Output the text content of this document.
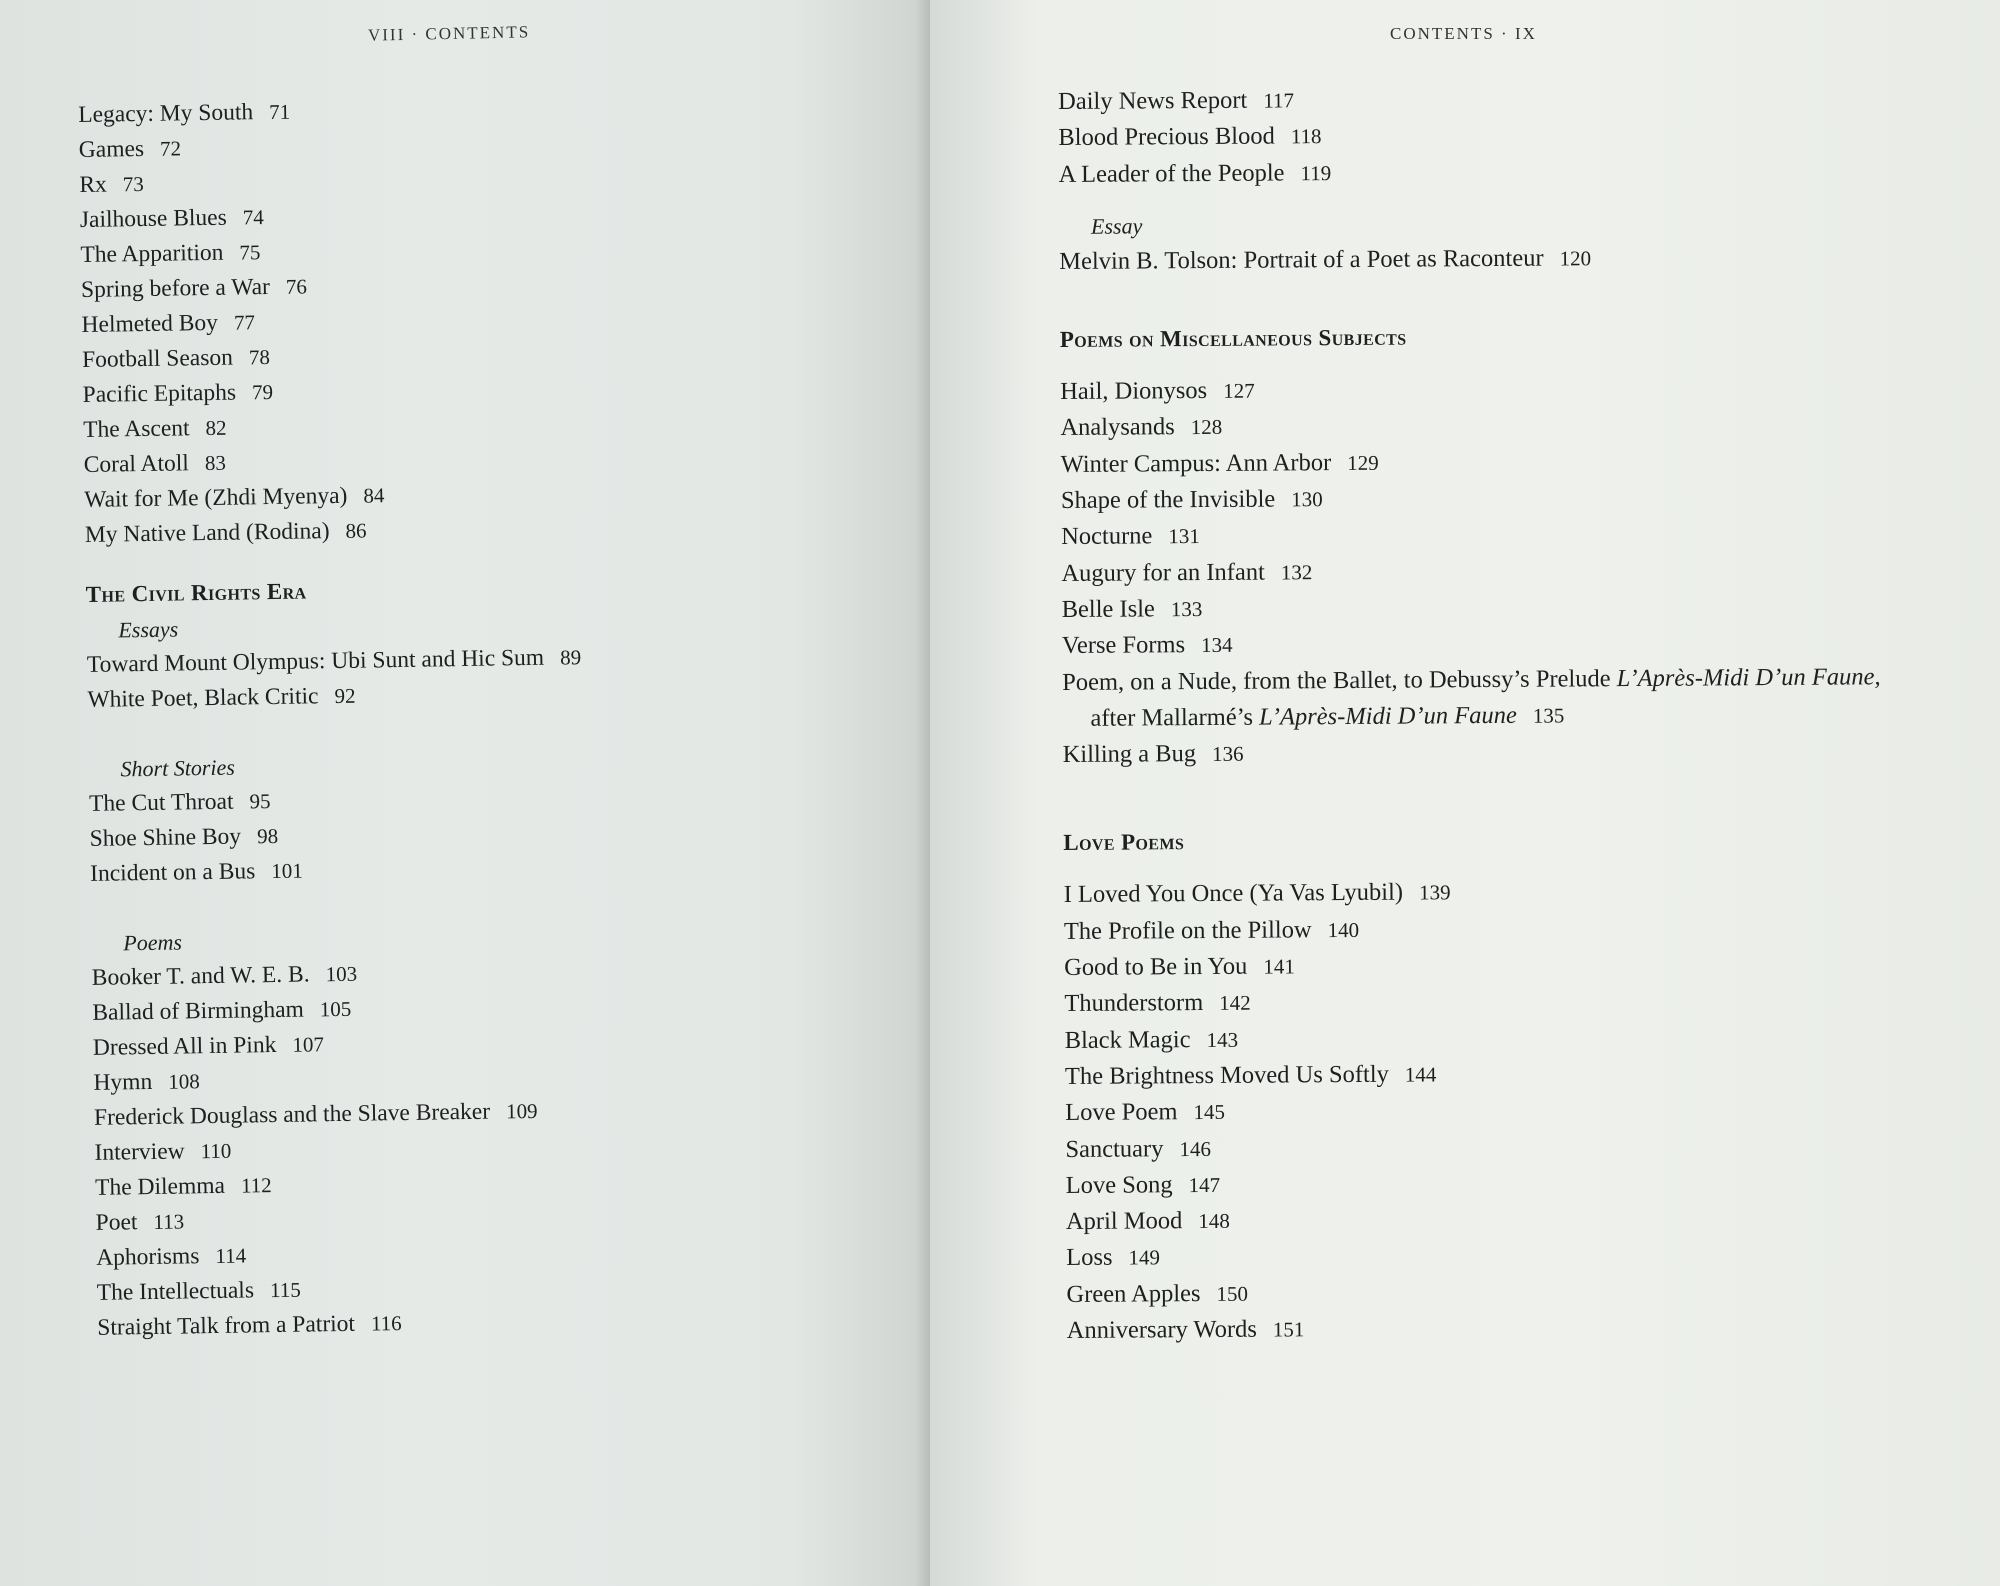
VIII · CONTENTS
Legacy: My South 71
Games 72
Rx 73
Jailhouse Blues 74
The Apparition 75
Spring before a War 76
Helmeted Boy 77
Football Season 78
Pacific Epitaphs 79
The Ascent 82
Coral Atoll 83
Wait for Me (Zhdi Myenya) 84
My Native Land (Rodina) 86
The Civil Rights Era
Essays
Toward Mount Olympus: Ubi Sunt and Hic Sum 89
White Poet, Black Critic 92
Short Stories
The Cut Throat 95
Shoe Shine Boy 98
Incident on a Bus 101
Poems
Booker T. and W. E. B. 103
Ballad of Birmingham 105
Dressed All in Pink 107
Hymn 108
Frederick Douglass and the Slave Breaker 109
Interview 110
The Dilemma 112
Poet 113
Aphorisms 114
The Intellectuals 115
Straight Talk from a Patriot 116
CONTENTS · IX
Daily News Report 117
Blood Precious Blood 118
A Leader of the People 119
Essay
Melvin B. Tolson: Portrait of a Poet as Raconteur 120
Poems on Miscellaneous Subjects
Hail, Dionysos 127
Analysands 128
Winter Campus: Ann Arbor 129
Shape of the Invisible 130
Nocturne 131
Augury for an Infant 132
Belle Isle 133
Verse Forms 134
Poem, on a Nude, from the Ballet, to Debussy’s Prelude L’Après-Midi D’un Faune,
after Mallarmé’s L’Après-Midi D’un Faune 135
Killing a Bug 136
Love Poems
I Loved You Once (Ya Vas Lyubil) 139
The Profile on the Pillow 140
Good to Be in You 141
Thunderstorm 142
Black Magic 143
The Brightness Moved Us Softly 144
Love Poem 145
Sanctuary 146
Love Song 147
April Mood 148
Loss 149
Green Apples 150
Anniversary Words 151
